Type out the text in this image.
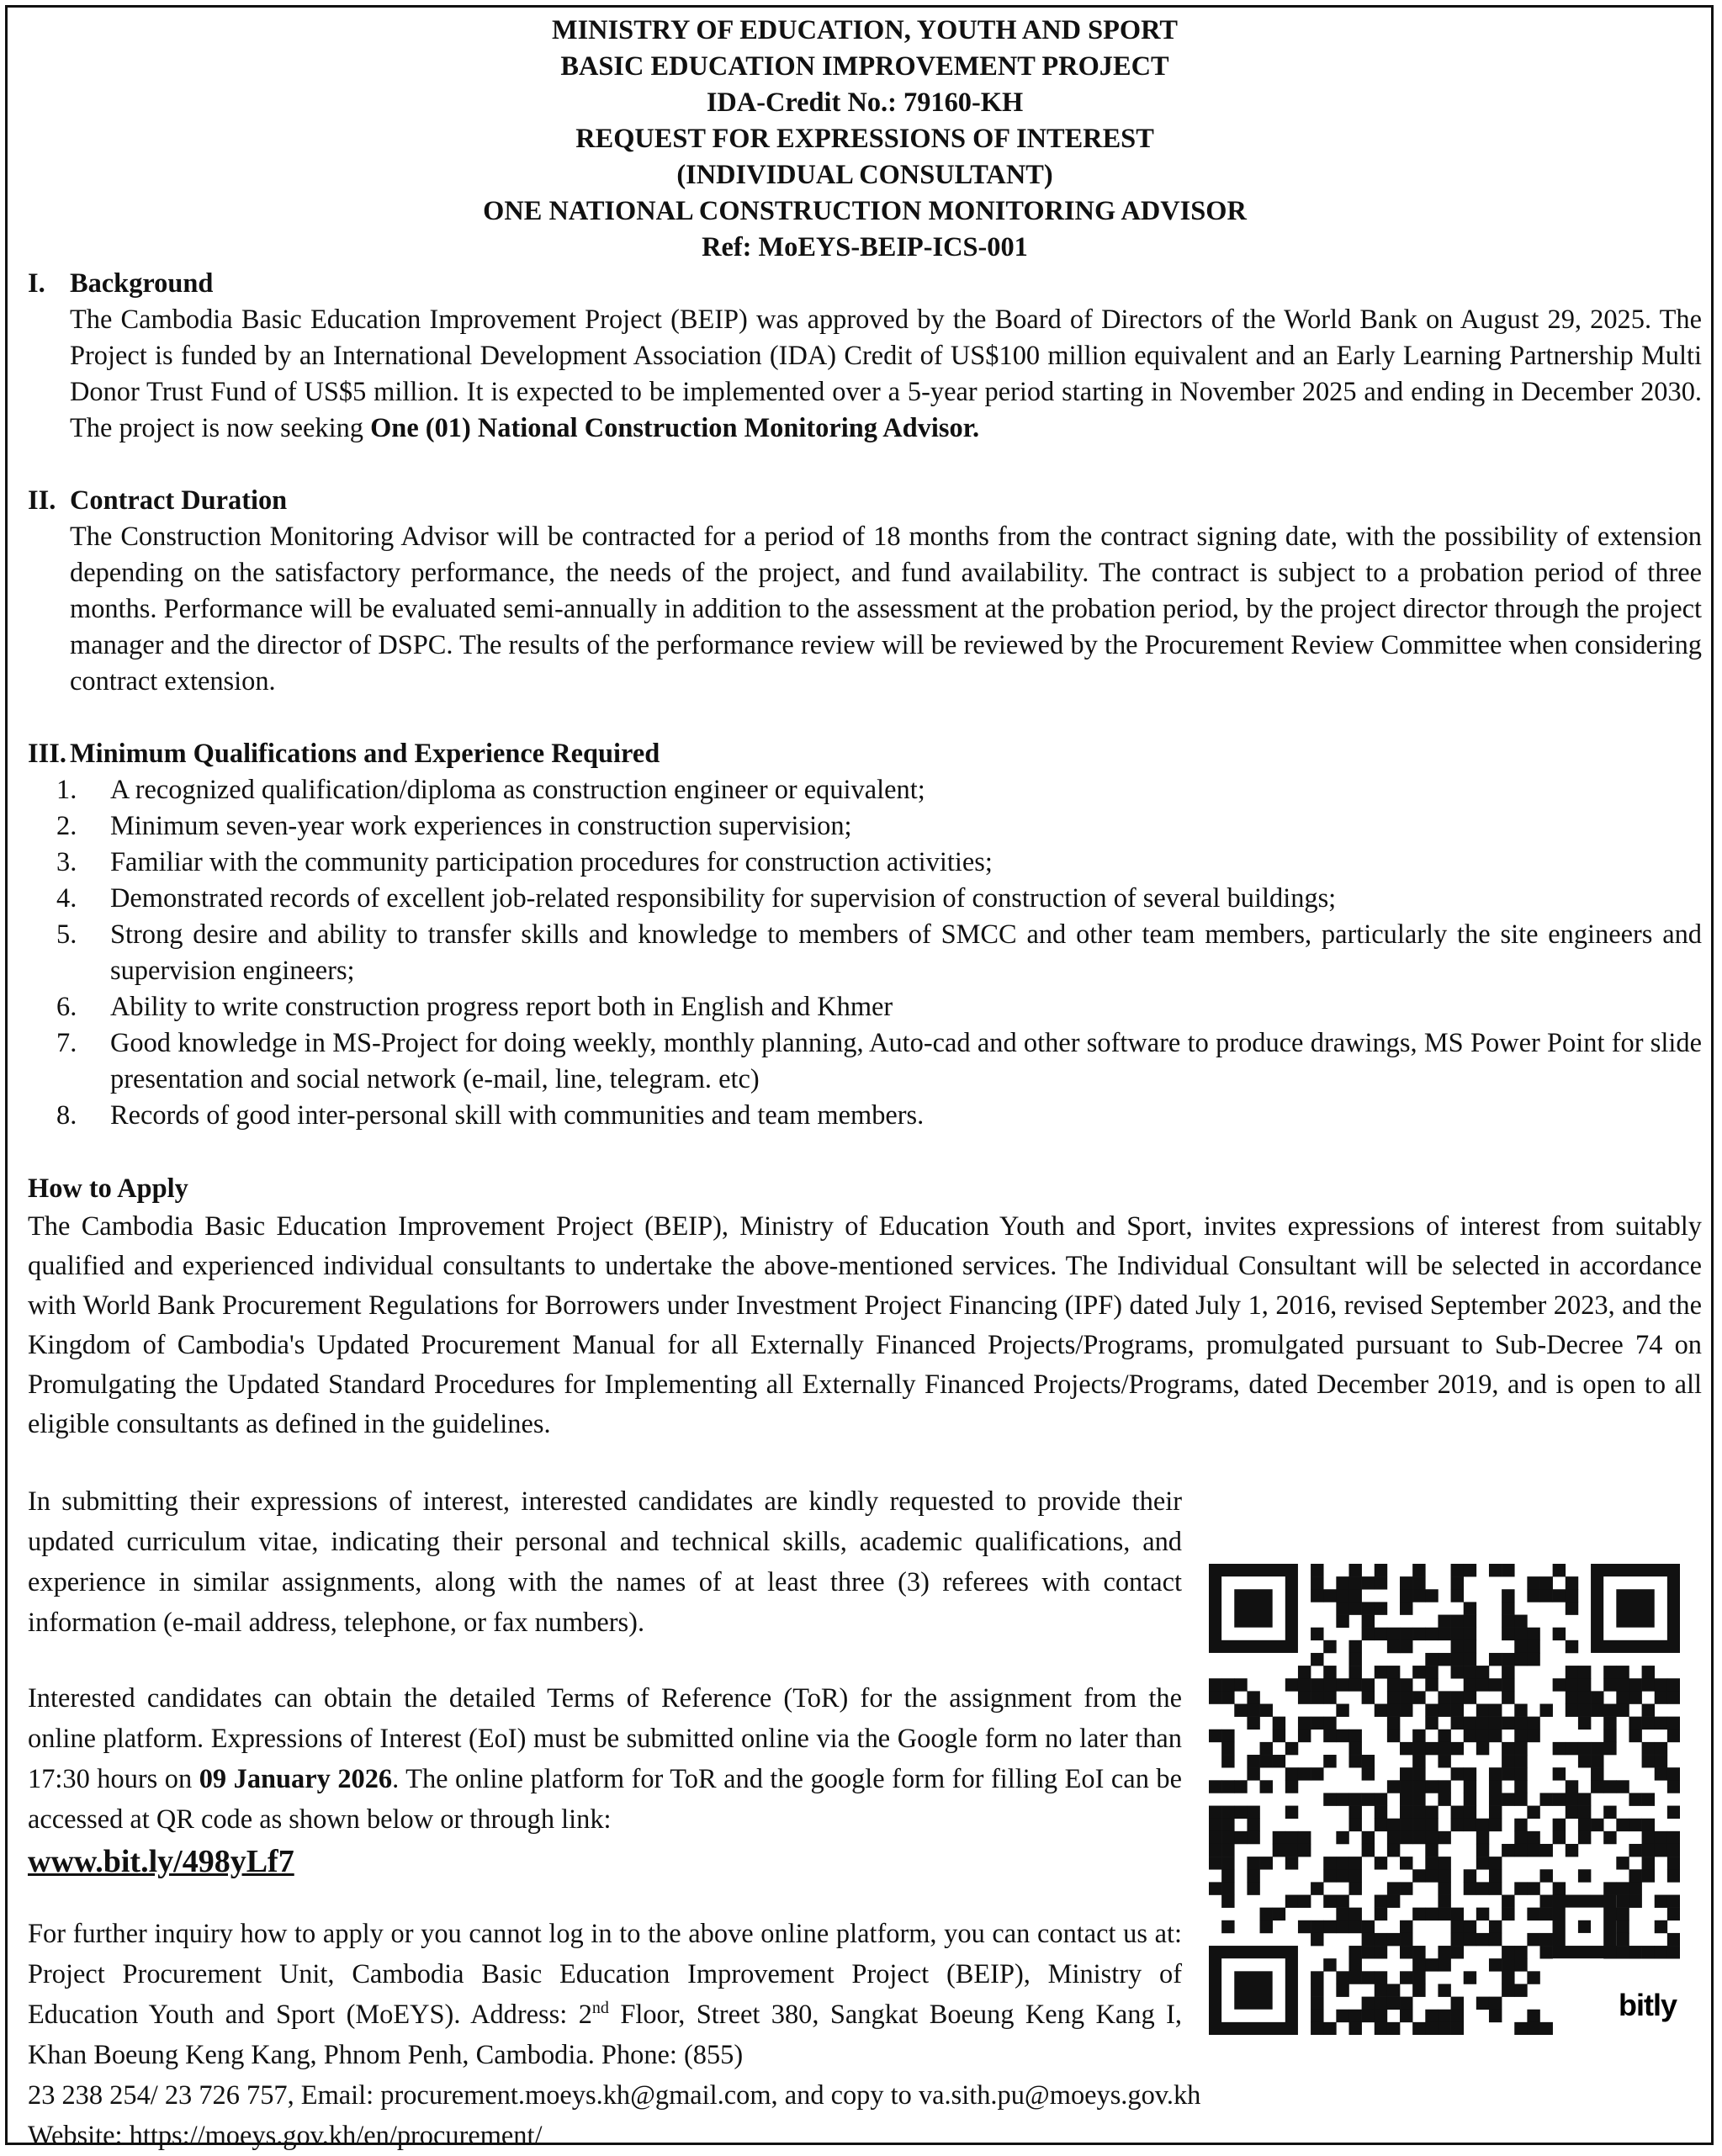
MINISTRY OF EDUCATION, YOUTH AND SPORT
BASIC EDUCATION IMPROVEMENT PROJECT
IDA-Credit No.: 79160-KH
REQUEST FOR EXPRESSIONS OF INTEREST
(INDIVIDUAL CONSULTANT)
ONE NATIONAL CONSTRUCTION MONITORING ADVISOR
Ref: MoEYS-BEIP-ICS-001
I. Background
The Cambodia Basic Education Improvement Project (BEIP) was approved by the Board of Directors of the World Bank on August 29, 2025. The Project is funded by an International Development Association (IDA) Credit of US$100 million equivalent and an Early Learning Partnership Multi Donor Trust Fund of US$5 million. It is expected to be implemented over a 5-year period starting in November 2025 and ending in December 2030. The project is now seeking One (01) National Construction Monitoring Advisor.
II. Contract Duration
The Construction Monitoring Advisor will be contracted for a period of 18 months from the contract signing date, with the possibility of extension depending on the satisfactory performance, the needs of the project, and fund availability. The contract is subject to a probation period of three months. Performance will be evaluated semi-annually in addition to the assessment at the probation period, by the project director through the project manager and the director of DSPC. The results of the performance review will be reviewed by the Procurement Review Committee when considering contract extension.
III. Minimum Qualifications and Experience Required
1.	A recognized qualification/diploma as construction engineer or equivalent;
2.	Minimum seven-year work experiences in construction supervision;
3.	Familiar with the community participation procedures for construction activities;
4.	Demonstrated records of excellent job-related responsibility for supervision of construction of several buildings;
5.	Strong desire and ability to transfer skills and knowledge to members of SMCC and other team members, particularly the site engineers and supervision engineers;
6.	Ability to write construction progress report both in English and Khmer
7.	Good knowledge in MS-Project for doing weekly, monthly planning, Auto-cad and other software to produce drawings, MS Power Point for slide presentation and social network (e-mail, line, telegram. etc)
8.	Records of good inter-personal skill with communities and team members.
How to Apply

The Cambodia Basic Education Improvement Project (BEIP), Ministry of Education Youth and Sport, invites expressions of interest from suitably qualified and experienced individual consultants to undertake the above-mentioned services. The Individual Consultant will be selected in accordance with World Bank Procurement Regulations for Borrowers under Investment Project Financing (IPF) dated July 1, 2016, revised September 2023, and the Kingdom of Cambodia's Updated Procurement Manual for all Externally Financed Projects/Programs, promulgated pursuant to Sub-Decree 74 on Promulgating the Updated Standard Procedures for Implementing all Externally Financed Projects/Programs, dated December 2019, and is open to all eligible consultants as defined in the guidelines.

In submitting their expressions of interest, interested candidates are kindly requested to provide their updated curriculum vitae, indicating their personal and technical skills, academic qualifications, and experience in similar assignments, along with the names of at least three (3) referees with contact information (e-mail address, telephone, or fax numbers).

Interested candidates can obtain the detailed Terms of Reference (ToR) for the assignment from the online platform. Expressions of Interest (EoI) must be submitted online via the Google form no later than 17:30 hours on 09 January 2026. The online platform for ToR and the google form for filling EoI can be accessed at QR code as shown below or through link:

www.bit.ly/498yLf7

For further inquiry how to apply or you cannot log in to the above online platform, you can contact us at: Project Procurement Unit, Cambodia Basic Education Improvement Project (BEIP), Ministry of Education Youth and Sport (MoEYS). Address: 2nd Floor, Street 380, Sangkat Boeung Keng Kang I, Khan Boeung Keng Kang, Phnom Penh, Cambodia. Phone: (855)

23 238 254/ 23 726 757, Email: procurement.moeys.kh@gmail.com, and copy to va.sith.pu@moeys.gov.kh
Website: https://moeys.gov.kh/en/procurement/
bitly
